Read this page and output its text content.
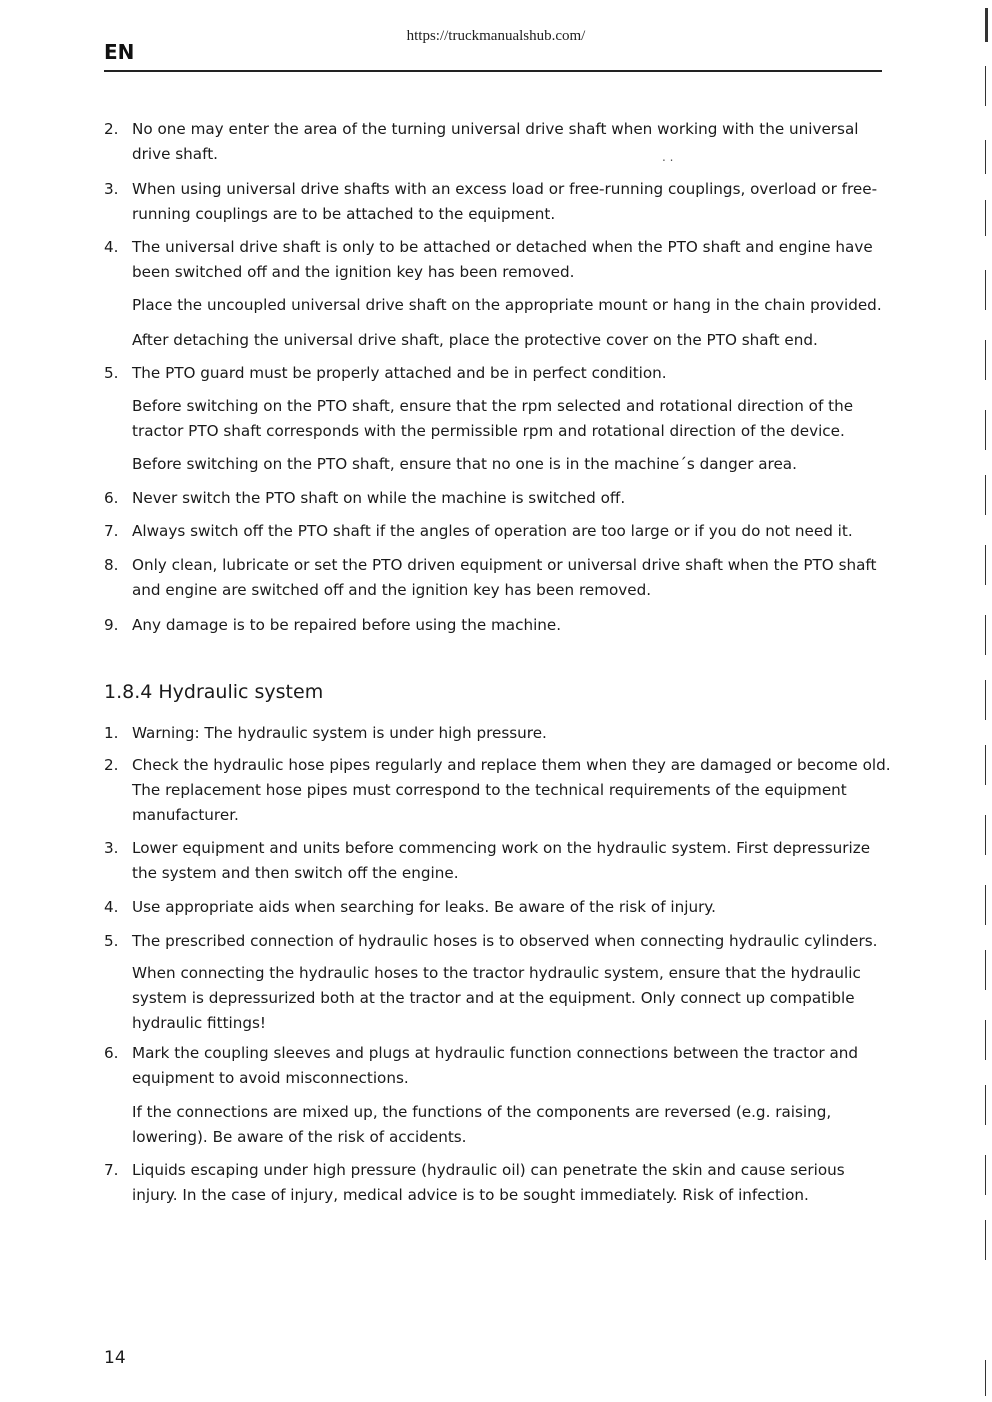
https://truckmanualshub.com/
EN
. .
2. No one may enter the area of the turning universal drive shaft when working with the universal drive shaft.
3. When using universal drive shafts with an excess load or free-running couplings, overload or free-running couplings are to be attached to the equipment.
4. The universal drive shaft is only to be attached or detached when the PTO shaft and engine have been switched off and the ignition key has been removed.
Place the uncoupled universal drive shaft on the appropriate mount or hang in the chain provided.
After detaching the universal drive shaft, place the protective cover on the PTO shaft end.
5. The PTO guard must be properly attached and be in perfect condition.
Before switching on the PTO shaft, ensure that the rpm selected and rotational direction of the tractor PTO shaft corresponds with the permissible rpm and rotational direction of the device.
Before switching on the PTO shaft, ensure that no one is in the machine´s danger area.
6. Never switch the PTO shaft on while the machine is switched off.
7. Always switch off the PTO shaft if the angles of operation are too large or if you do not need it.
8. Only clean, lubricate or set the PTO driven equipment or universal drive shaft when the PTO shaft and engine are switched off and the ignition key has been removed.
9. Any damage is to be repaired before using the machine.
1.8.4 Hydraulic system
1. Warning: The hydraulic system is under high pressure.
2. Check the hydraulic hose pipes regularly and replace them when they are damaged or become old. The replacement hose pipes must correspond to the technical requirements of the equipment manufacturer.
3. Lower equipment and units before commencing work on the hydraulic system. First depressurize the system and then switch off the engine.
4. Use appropriate aids when searching for leaks. Be aware of the risk of injury.
5. The prescribed connection of hydraulic hoses is to observed when connecting hydraulic cylinders.
When connecting the hydraulic hoses to the tractor hydraulic system, ensure that the hydraulic system is depressurized both at the tractor and at the equipment. Only connect up compatible hydraulic fittings!
6. Mark the coupling sleeves and plugs at hydraulic function connections between the tractor and equipment to avoid misconnections.
If the connections are mixed up, the functions of the components are reversed (e.g. raising, lowering). Be aware of the risk of accidents.
7. Liquids escaping under high pressure (hydraulic oil) can penetrate the skin and cause serious injury. In the case of injury, medical advice is to be sought immediately. Risk of infection.
14
